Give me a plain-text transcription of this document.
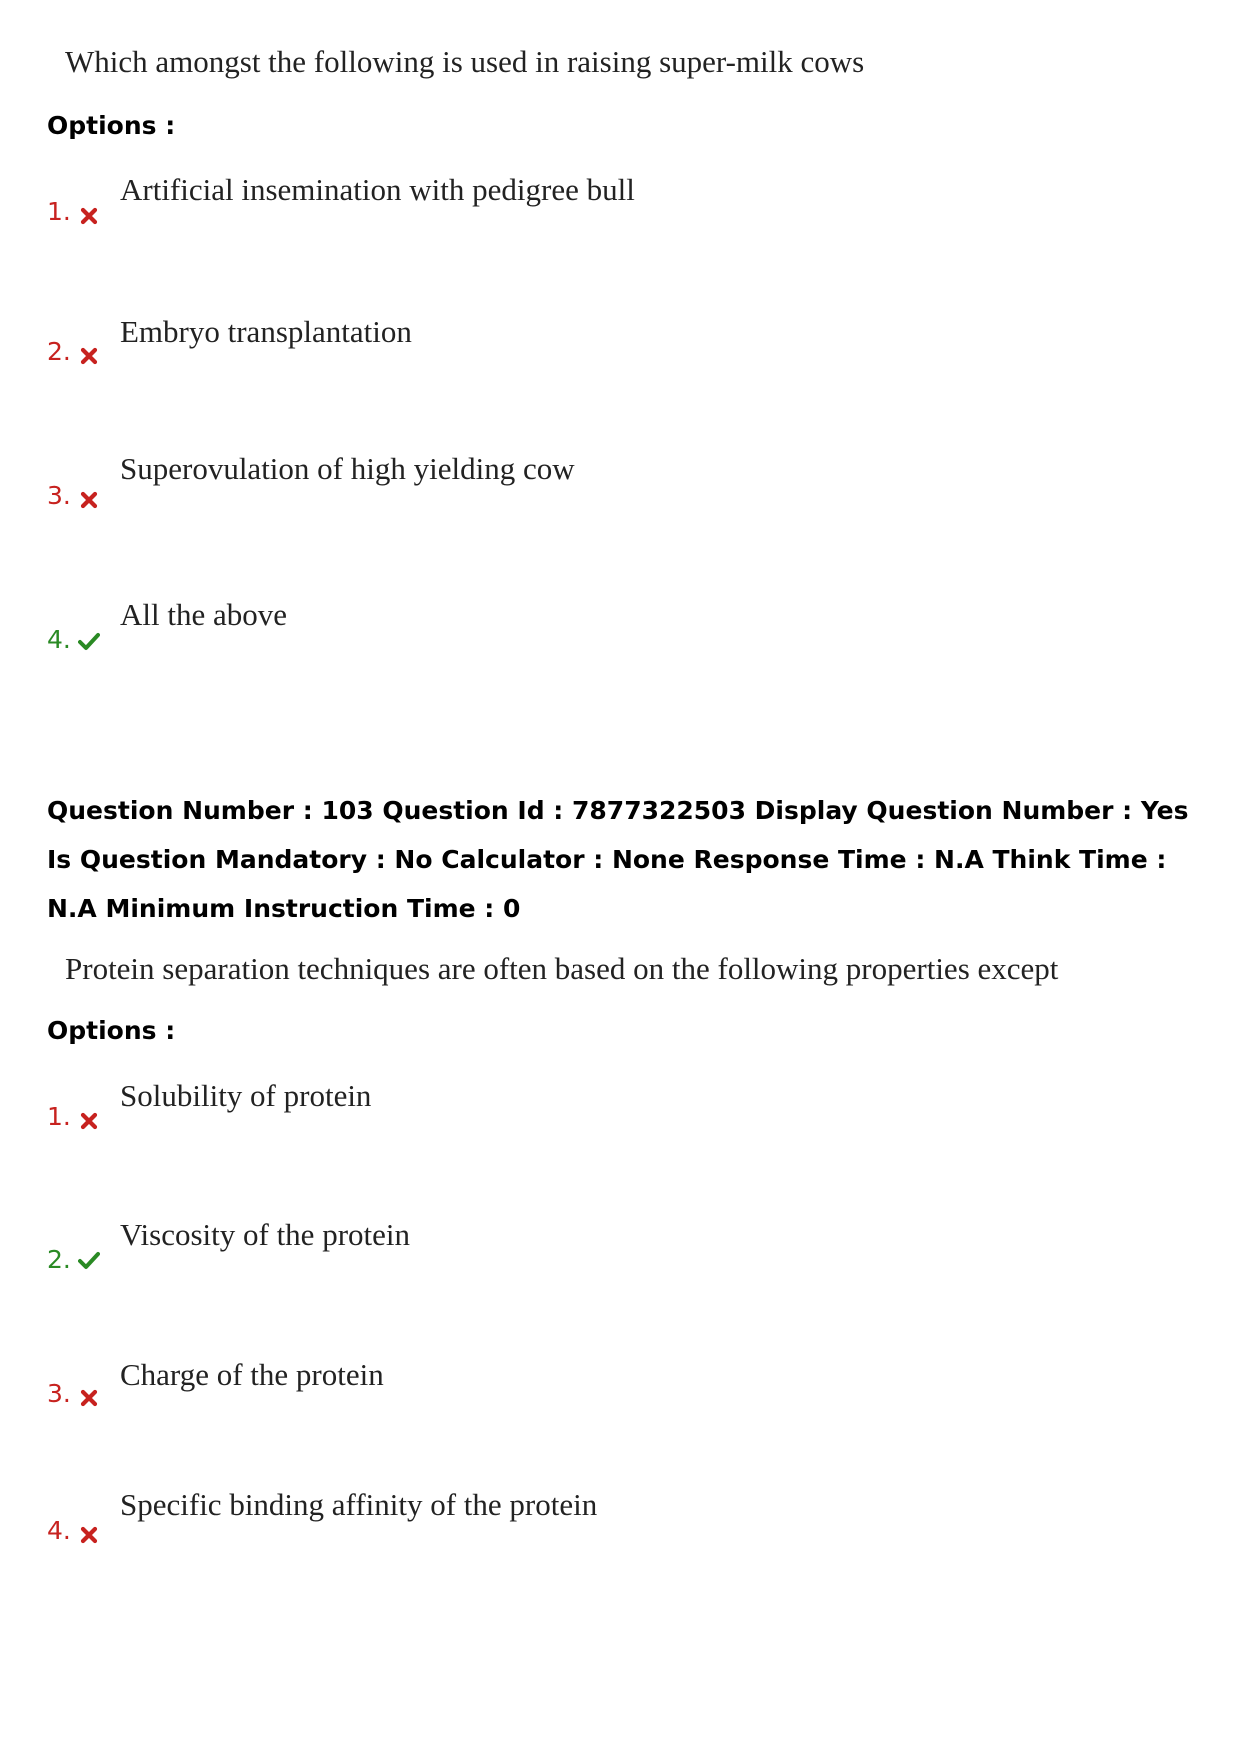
Which amongst the following is used in raising super-milk cows
Options :
Artificial insemination with pedigree bull
1.
Embryo transplantation
2.
Superovulation of high yielding cow
3.
All the above
4.
Question Number : 103 Question Id : 7877322503 Display Question Number : Yes Is Question Mandatory : No Calculator : None Response Time : N.A Think Time : N.A Minimum Instruction Time : 0
Protein separation techniques are often based on the following properties except
Options :
Solubility of protein
1.
Viscosity of the protein
2.
Charge of the protein
3.
Specific binding affinity of the protein
4.
